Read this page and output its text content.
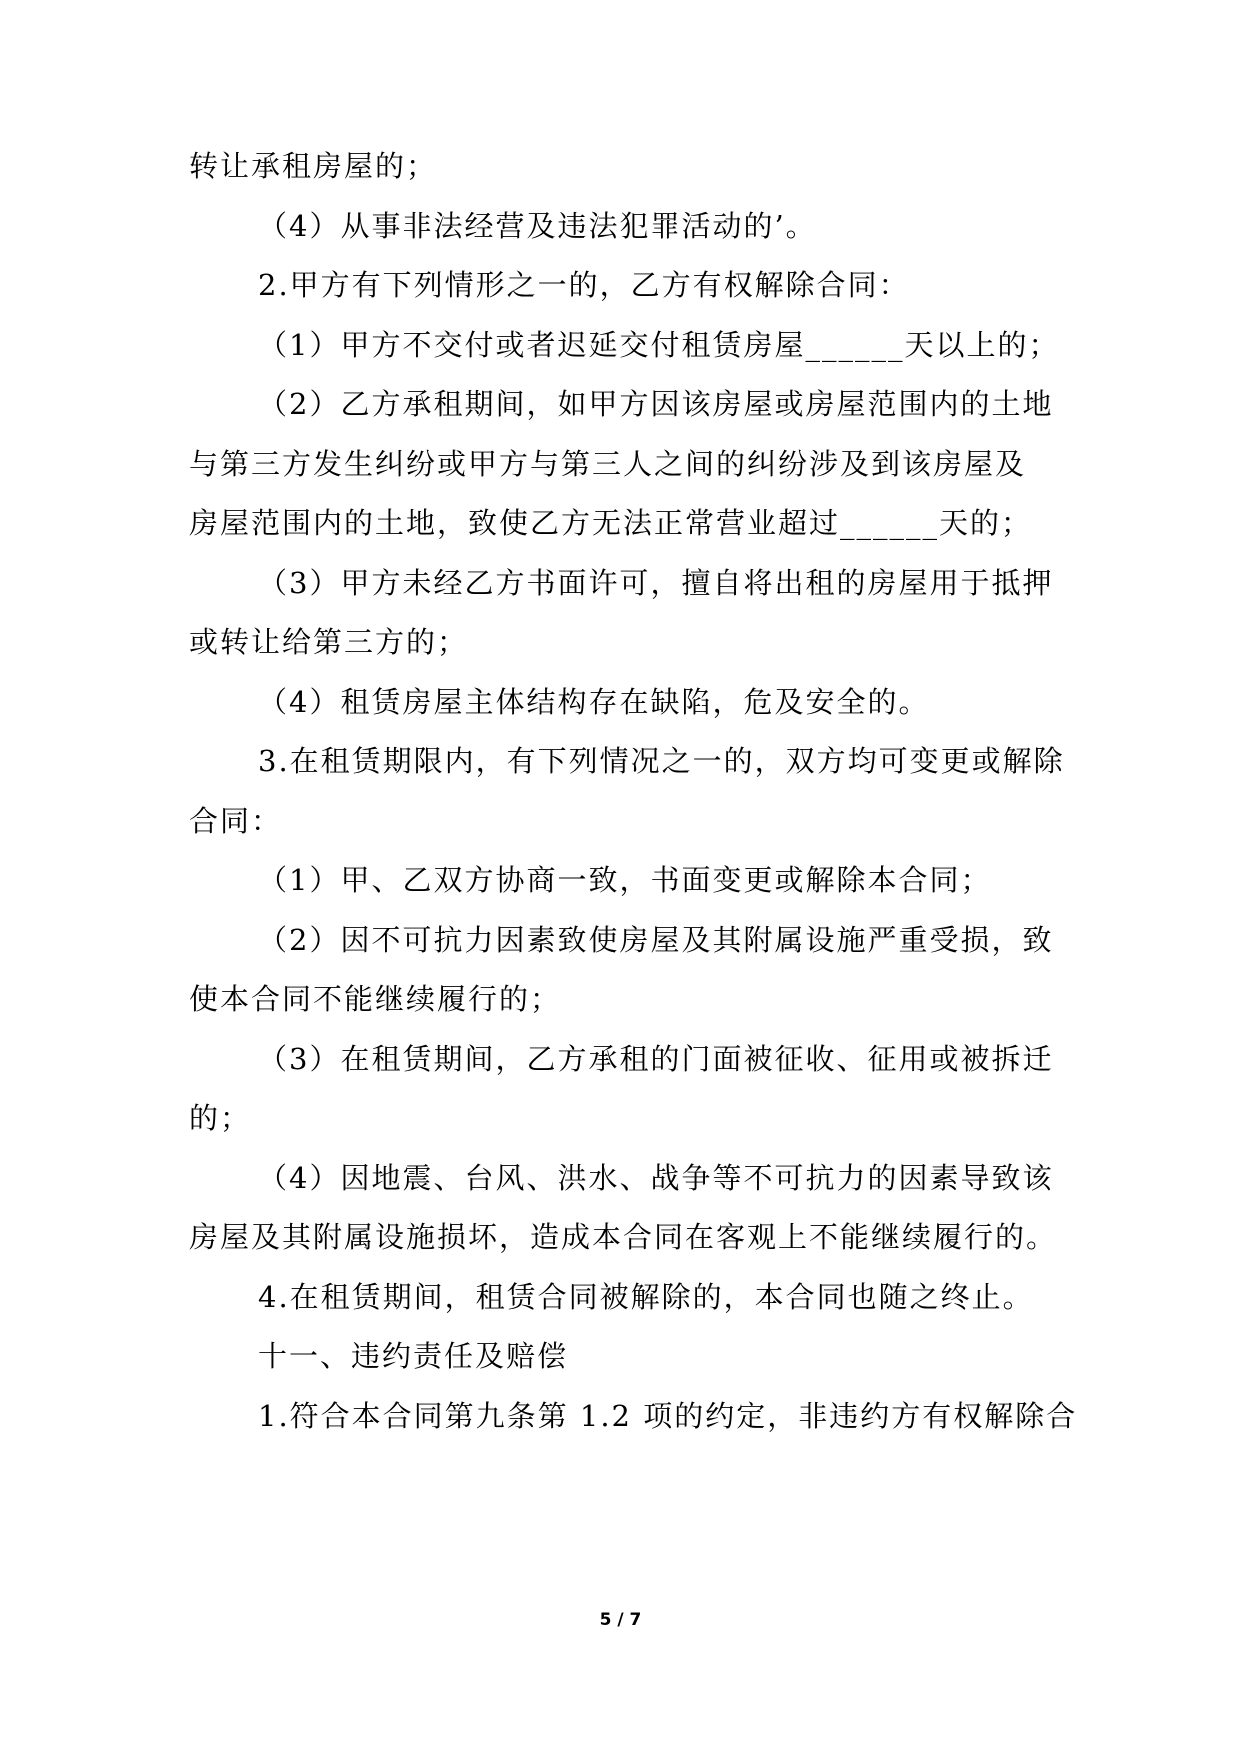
转让承租房屋的；
（4）从事非法经营及违法犯罪活动的’。
2.甲方有下列情形之一的，乙方有权解除合同：
（1）甲方不交付或者迟延交付租赁房屋______天以上的；
（2）乙方承租期间，如甲方因该房屋或房屋范围内的土地
与第三方发生纠纷或甲方与第三人之间的纠纷涉及到该房屋及
房屋范围内的土地，致使乙方无法正常营业超过______天的；
（3）甲方未经乙方书面许可，擅自将出租的房屋用于抵押
或转让给第三方的；
（4）租赁房屋主体结构存在缺陷，危及安全的。
3.在租赁期限内，有下列情况之一的，双方均可变更或解除
合同：
（1）甲、乙双方协商一致，书面变更或解除本合同；
（2）因不可抗力因素致使房屋及其附属设施严重受损，致
使本合同不能继续履行的；
（3）在租赁期间，乙方承租的门面被征收、征用或被拆迁
的；
（4）因地震、台风、洪水、战争等不可抗力的因素导致该
房屋及其附属设施损坏，造成本合同在客观上不能继续履行的。
4.在租赁期间，租赁合同被解除的，本合同也随之终止。
十一、违约责任及赔偿
1.符合本合同第九条第 1.2 项的约定，非违约方有权解除合
5 / 7
